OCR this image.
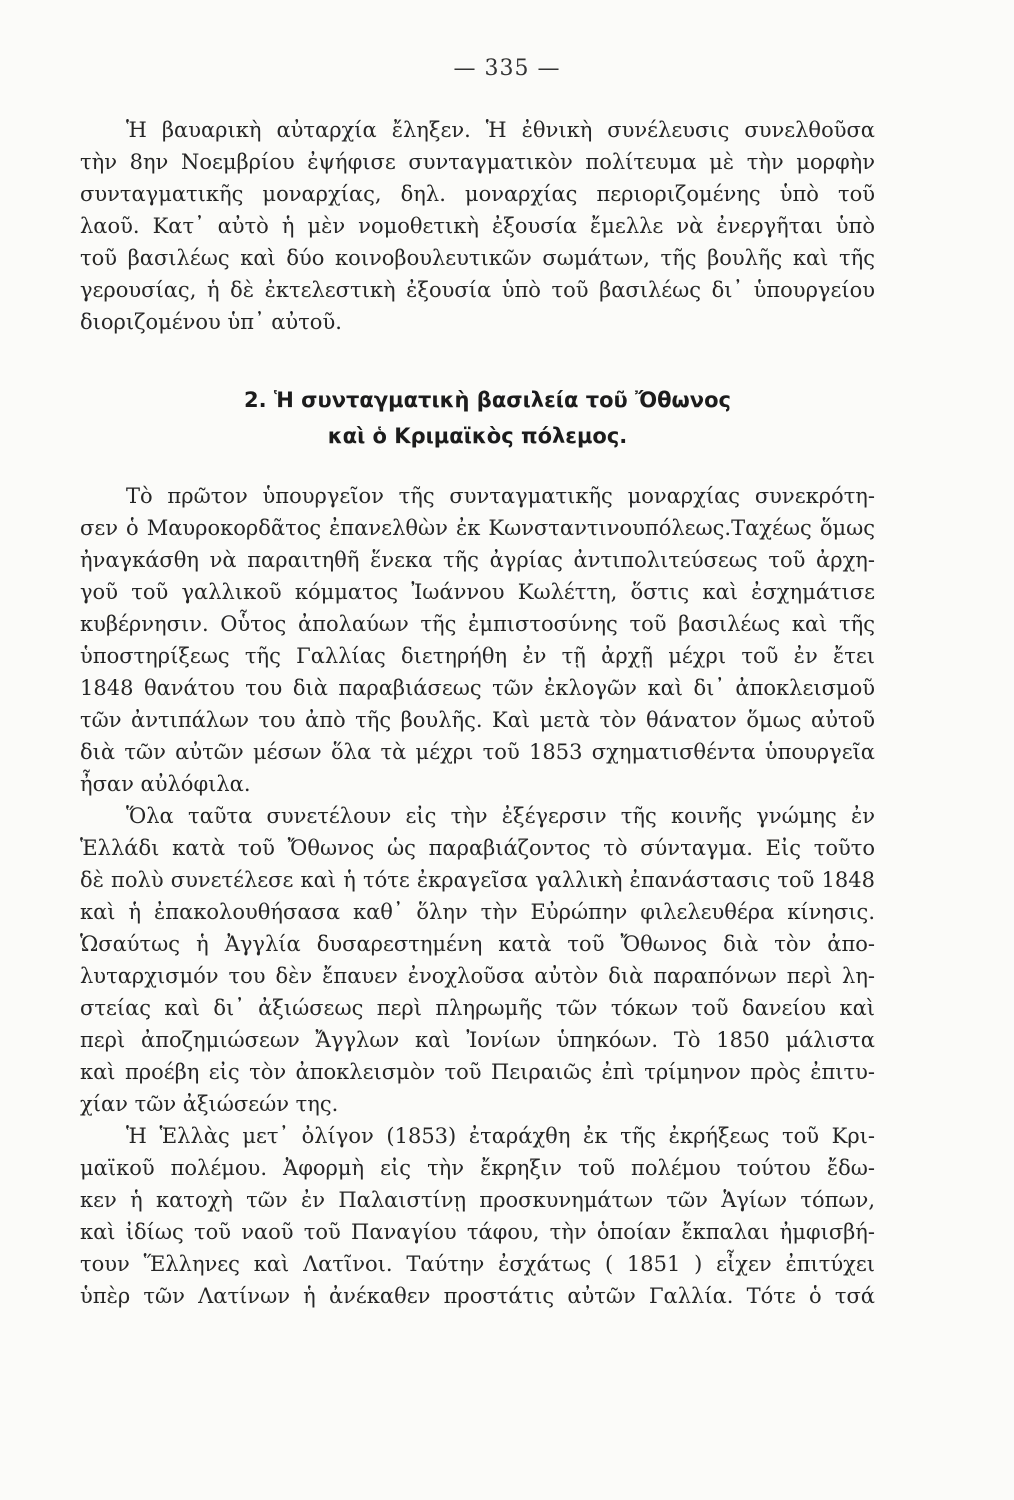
— 335 —
Ἡ βαυαρικὴ αὐταρχία ἔληξεν. Ἡ ἐθνικὴ συνέλευσις συνελθοῦσα
τὴν 8ην Νοεμβρίου ἐψήφισε συνταγματικὸν πολίτευμα μὲ τὴν μορφὴν
συνταγματικῆς μοναρχίας, δηλ. μοναρχίας περιοριζομένης ὑπὸ τοῦ
λαοῦ. Κατ᾽ αὐτὸ ἡ μὲν νομοθετικὴ ἐξουσία ἔμελλε νὰ ἐνεργῆται ὑπὸ
τοῦ βασιλέως καὶ δύο κοινοβουλευτικῶν σωμάτων, τῆς βουλῆς καὶ τῆς
γερουσίας, ἡ δὲ ἐκτελεστικὴ ἐξουσία ὑπὸ τοῦ βασιλέως δι᾽ ὑπουργείου
διοριζομένου ὑπ᾽ αὐτοῦ.
2. Ἡ συνταγματικὴ βασιλεία τοῦ Ὄθωνος
καὶ ὁ Κριμαϊκὸς πόλεμος.
Τὸ πρῶτον ὑπουργεῖον τῆς συνταγματικῆς μοναρχίας συνεκρότη-
σεν ὁ Μαυροκορδᾶτος ἐπανελθὼν ἐκ Κωνσταντινουπόλεως.Ταχέως ὅμως
ἠναγκάσθη νὰ παραιτηθῆ ἕνεκα τῆς ἀγρίας ἀντιπολιτεύσεως τοῦ ἀρχη-
γοῦ τοῦ γαλλικοῦ κόμματος Ἰωάννου Κωλέττη, ὅστις καὶ ἐσχημάτισε
κυβέρνησιν. Οὗτος ἀπολαύων τῆς ἐμπιστοσύνης τοῦ βασιλέως καὶ τῆς
ὑποστηρίξεως τῆς Γαλλίας διετηρήθη ἐν τῇ ἀρχῇ μέχρι τοῦ ἐν ἔτει
1848 θανάτου του διὰ παραβιάσεως τῶν ἐκλογῶν καὶ δι᾽ ἀποκλεισμοῦ
τῶν ἀντιπάλων του ἀπὸ τῆς βουλῆς. Καὶ μετὰ τὸν θάνατον ὅμως αὐτοῦ
διὰ τῶν αὐτῶν μέσων ὅλα τὰ μέχρι τοῦ 1853 σχηματισθέντα ὑπουργεῖα
ἦσαν αὐλόφιλα.
Ὅλα ταῦτα συνετέλουν εἰς τὴν ἐξέγερσιν τῆς κοινῆς γνώμης ἐν
Ἑλλάδι κατὰ τοῦ Ὄθωνος ὡς παραβιάζοντος τὸ σύνταγμα. Εἰς τοῦτο
δὲ πολὺ συνετέλεσε καὶ ἡ τότε ἐκραγεῖσα γαλλικὴ ἐπανάστασις τοῦ 1848
καὶ ἡ ἐπακολουθήσασα καθ᾽ ὅλην τὴν Εὐρώπην φιλελευθέρα κίνησις.
Ὡσαύτως ἡ Ἀγγλία δυσαρεστημένη κατὰ τοῦ Ὄθωνος διὰ τὸν ἀπο-
λυταρχισμόν του δὲν ἔπαυεν ἐνοχλοῦσα αὐτὸν διὰ παραπόνων περὶ λη-
στείας καὶ δι᾽ ἀξιώσεως περὶ πληρωμῆς τῶν τόκων τοῦ δανείου καὶ
περὶ ἀποζημιώσεων Ἄγγλων καὶ Ἰονίων ὑπηκόων. Τὸ 1850 μάλιστα
καὶ προέβη εἰς τὸν ἀποκλεισμὸν τοῦ Πειραιῶς ἐπὶ τρίμηνον πρὸς ἐπιτυ-
χίαν τῶν ἀξιώσεών της.
Ἡ Ἑλλὰς μετ᾽ ὀλίγον (1853) ἐταράχθη ἐκ τῆς ἐκρήξεως τοῦ Κρι-
μαϊκοῦ πολέμου. Ἀφορμὴ εἰς τὴν ἔκρηξιν τοῦ πολέμου τούτου ἔδω-
κεν ἡ κατοχὴ τῶν ἐν Παλαιστίνῃ προσκυνημάτων τῶν Ἁγίων τόπων,
καὶ ἰδίως τοῦ ναοῦ τοῦ Παναγίου τάφου, τὴν ὁποίαν ἔκπαλαι ἠμφισβή-
τουν Ἕλληνες καὶ Λατῖνοι. Ταύτην ἐσχάτως ( 1851 ) εἶχεν ἐπιτύχει
ὑπὲρ τῶν Λατίνων ἡ ἀνέκαθεν προστάτις αὐτῶν Γαλλία. Τότε ὁ τσά
